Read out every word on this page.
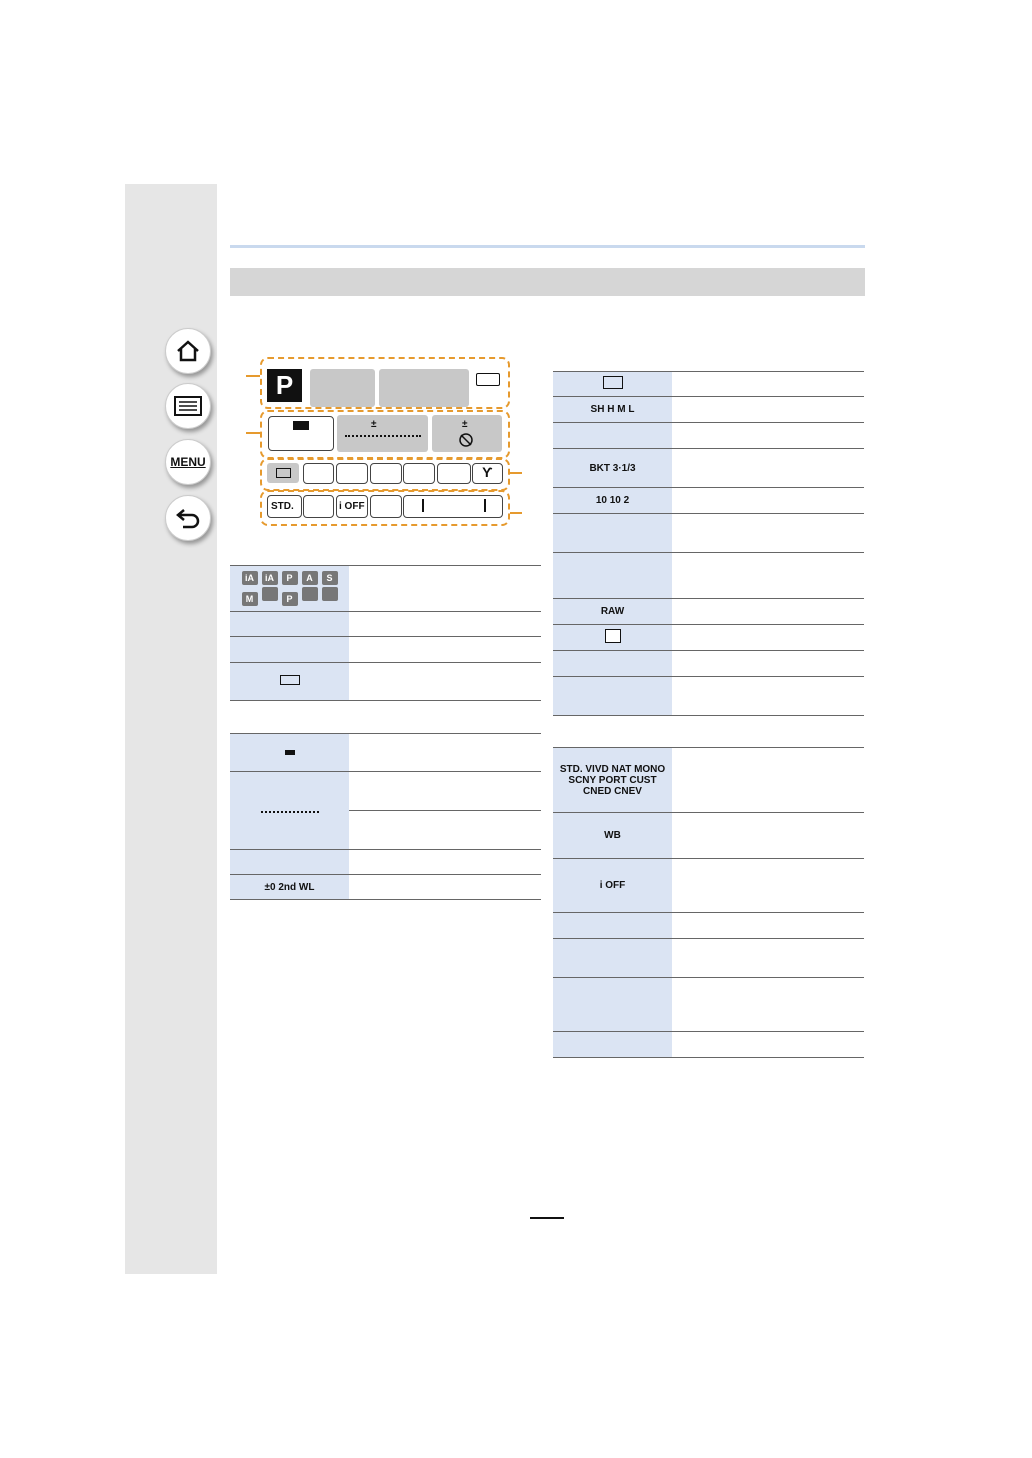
MENU
P
±	±
Ƴ
STD.	i OFF
iA iA P A S
M P	

±0 2nd WL	

SH H M L	

BKT 3·1/3	
10 10 2	

RAW	

STD. VIVD NAT MONO SCNY PORT CUST CNED CNEV	
WB	
i OFF	
